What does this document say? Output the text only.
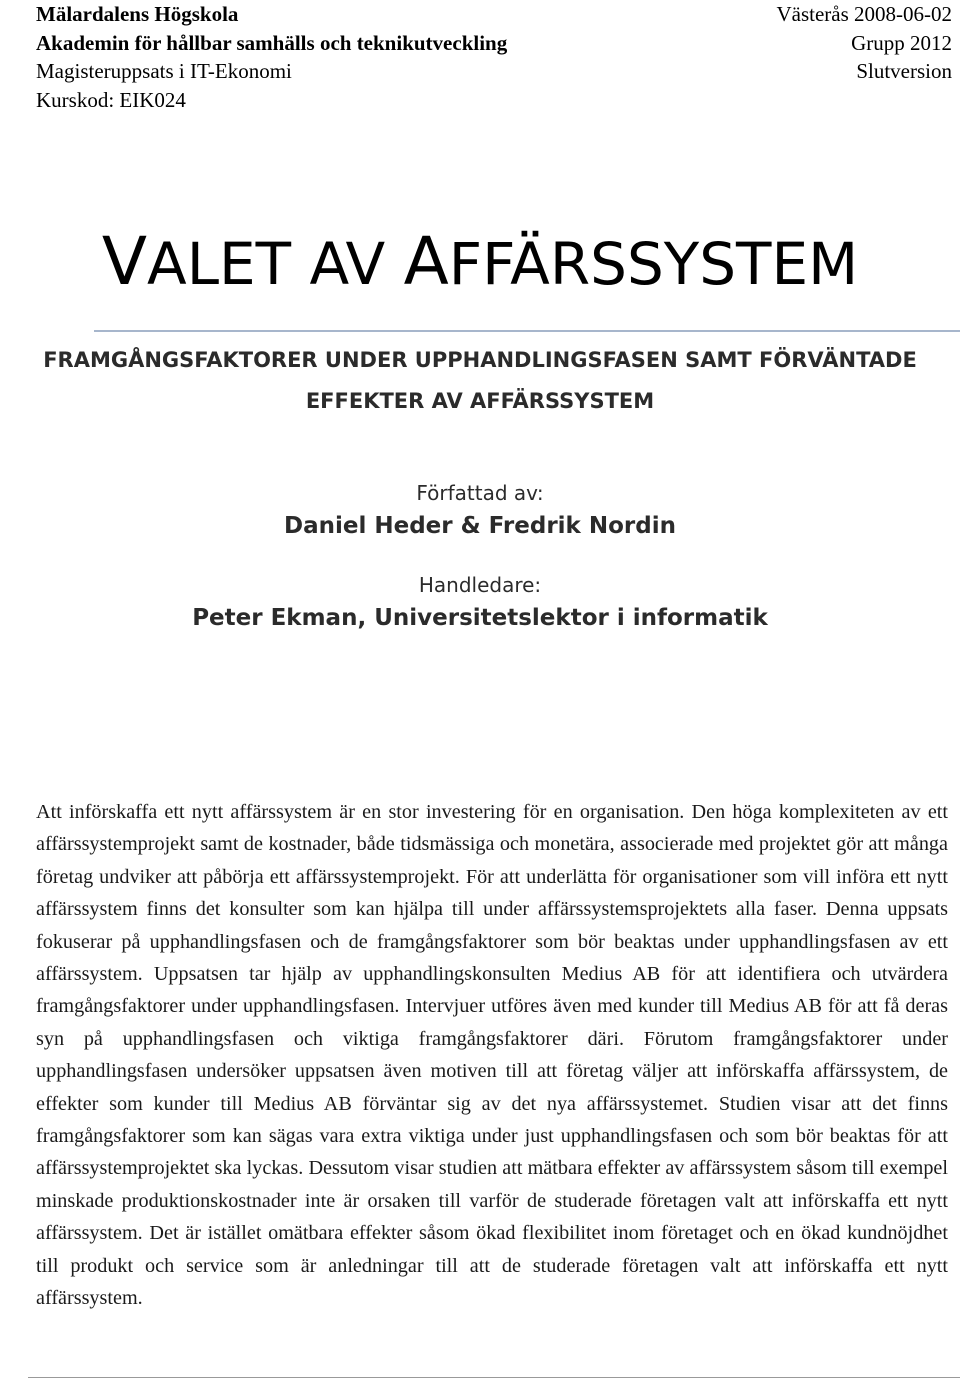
Mälardalens Högskola	Västerås 2008-06-02
Akademin för hållbar samhälls och teknikutveckling	Grupp 2012
Magisteruppsats i IT-Ekonomi	Slutversion
Kurskod: EIK024
VALET AV AFFÄRSSYSTEM
FRAMGÅNGSFAKTORER UNDER UPPHANDLINGSFASEN SAMT FÖRVÄNTADE
EFFEKTER AV AFFÄRSSYSTEM
Författad av:
Daniel Heder & Fredrik Nordin
Handledare:
Peter Ekman, Universitetslektor i informatik
Att införskaffa ett nytt affärssystem är en stor investering för en organisation. Den höga komplexiteten av ett affärssystemprojekt samt de kostnader, både tidsmässiga och monetära, associerade med projektet gör att många företag undviker att påbörja ett affärssystemprojekt. För att underlätta för organisationer som vill införa ett nytt affärssystem finns det konsulter som kan hjälpa till under affärssystemsprojektets alla faser. Denna uppsats fokuserar på upphandlingsfasen och de framgångsfaktorer som bör beaktas under upphandlingsfasen av ett affärssystem. Uppsatsen tar hjälp av upphandlingskonsulten Medius AB för att identifiera och utvärdera framgångsfaktorer under upphandlingsfasen. Intervjuer utföres även med kunder till Medius AB för att få deras syn på upphandlingsfasen och viktiga framgångsfaktorer däri. Förutom framgångsfaktorer under upphandlingsfasen undersöker uppsatsen även motiven till att företag väljer att införskaffa affärssystem, de effekter som kunder till Medius AB förväntar sig av det nya affärssystemet. Studien visar att det finns framgångsfaktorer som kan sägas vara extra viktiga under just upphandlingsfasen och som bör beaktas för att affärssystemprojektet ska lyckas. Dessutom visar studien att mätbara effekter av affärssystem såsom till exempel minskade produktionskostnader inte är orsaken till varför de studerade företagen valt att införskaffa ett nytt affärssystem. Det är istället omätbara effekter såsom ökad flexibilitet inom företaget och en ökad kundnöjdhet till produkt och service som är anledningar till att de studerade företagen valt att införskaffa ett nytt affärssystem.
